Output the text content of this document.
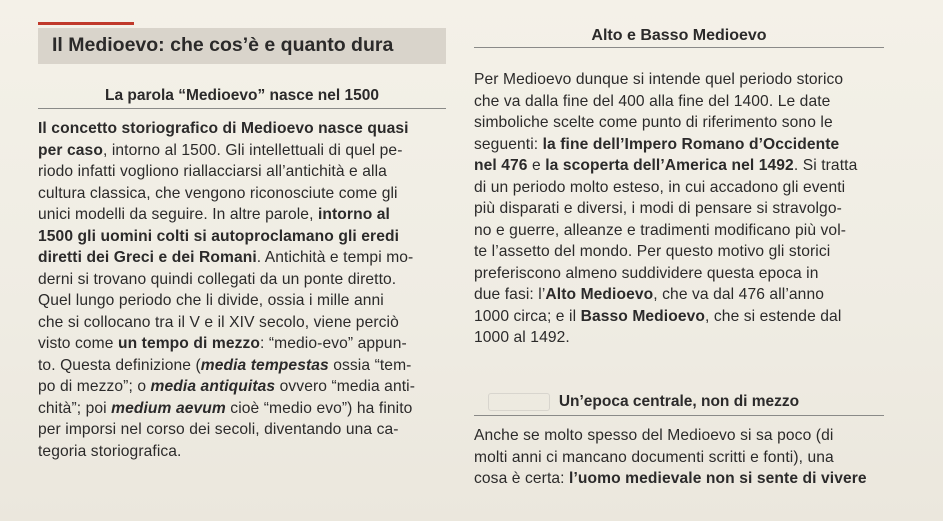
Il Medioevo: che cos’è e quanto dura	Alto e Basso Medioevo
La parola “Medioevo” nasce nel 1500
Il concetto storiografico di Medioevo nasce quasi
per caso, intorno al 1500. Gli intellettuali di quel pe-
riodo infatti vogliono riallacciarsi all’antichità e alla
cultura classica, che vengono riconosciute come gli
unici modelli da seguire. In altre parole, intorno al
1500 gli uomini colti si autoproclamano gli eredi
diretti dei Greci e dei Romani. Antichità e tempi mo-
derni si trovano quindi collegati da un ponte diretto.
Quel lungo periodo che li divide, ossia i mille anni
che si collocano tra il V e il XIV secolo, viene perciò
visto come un tempo di mezzo: “medio-evo” appun-
to. Questa definizione (media tempestas ossia “tem-
po di mezzo”; o media antiquitas ovvero “media anti-
chità”; poi medium aevum cioè “medio evo”) ha finito
per imporsi nel corso dei secoli, diventando una ca-
tegoria storiografica.
Per Medioevo dunque si intende quel periodo storico
che va dalla fine del 400 alla fine del 1400. Le date
simboliche scelte come punto di riferimento sono le
seguenti: la fine dell’Impero Romano d’Occidente
nel 476 e la scoperta dell’America nel 1492. Si tratta
di un periodo molto esteso, in cui accadono gli eventi
più disparati e diversi, i modi di pensare si stravolgo-
no e guerre, alleanze e tradimenti modificano più vol-
te l’assetto del mondo. Per questo motivo gli storici
preferiscono almeno suddividere questa epoca in
due fasi: l’Alto Medioevo, che va dal 476 all’anno
1000 circa; e il Basso Medioevo, che si estende dal
1000 al 1492.
Un’epoca centrale, non di mezzo
Anche se molto spesso del Medioevo si sa poco (di
molti anni ci mancano documenti scritti e fonti), una
cosa è certa: l’uomo medievale non si sente di vivere
